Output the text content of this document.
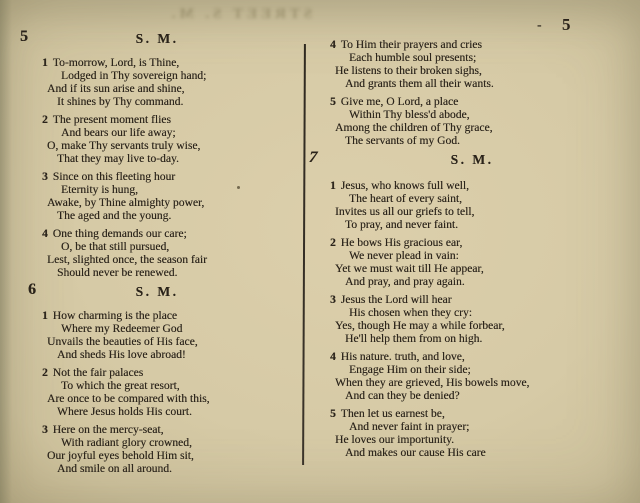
STREET S. M.
- 5
5	S. M.
1 To-morrow, Lord, is Thine,
Lodged in Thy sovereign hand;
And if its sun arise and shine,
It shines by Thy command.
2 The present moment flies
And bears our life away;
O, make Thy servants truly wise,
That they may live to-day.
3 Since on this fleeting hour
Eternity is hung,
Awake, by Thine almighty power,
The aged and the young.
4 One thing demands our care;
O, be that still pursued,
Lest, slighted once, the season fair
Should never be renewed.
6	S. M.
1 How charming is the place
Where my Redeemer God
Unvails the beauties of His face,
And sheds His love abroad!
2 Not the fair palaces
To which the great resort,
Are once to be compared with this,
Where Jesus holds His court.
3 Here on the mercy-seat,
With radiant glory crowned,
Our joyful eyes behold Him sit,
And smile on all around.
4 To Him their prayers and cries
Each humble soul presents;
He listens to their broken sighs,
And grants them all their wants.
5 Give me, O Lord, a place
Within Thy bless'd abode,
Among the children of Thy grace,
The servants of my God.
7	S. M.
1 Jesus, who knows full well,
The heart of every saint,
Invites us all our griefs to tell,
To pray, and never faint.
2 He bows His gracious ear,
We never plead in vain:
Yet we must wait till He appear,
And pray, and pray again.
3 Jesus the Lord will hear
His chosen when they cry:
Yes, though He may a while forbear,
He'll help them from on high.
4 His nature. truth, and love,
Engage Him on their side;
When they are grieved, His bowels move,
And can they be denied?
5 Then let us earnest be,
And never faint in prayer;
He loves our importunity.
And makes our cause His care
